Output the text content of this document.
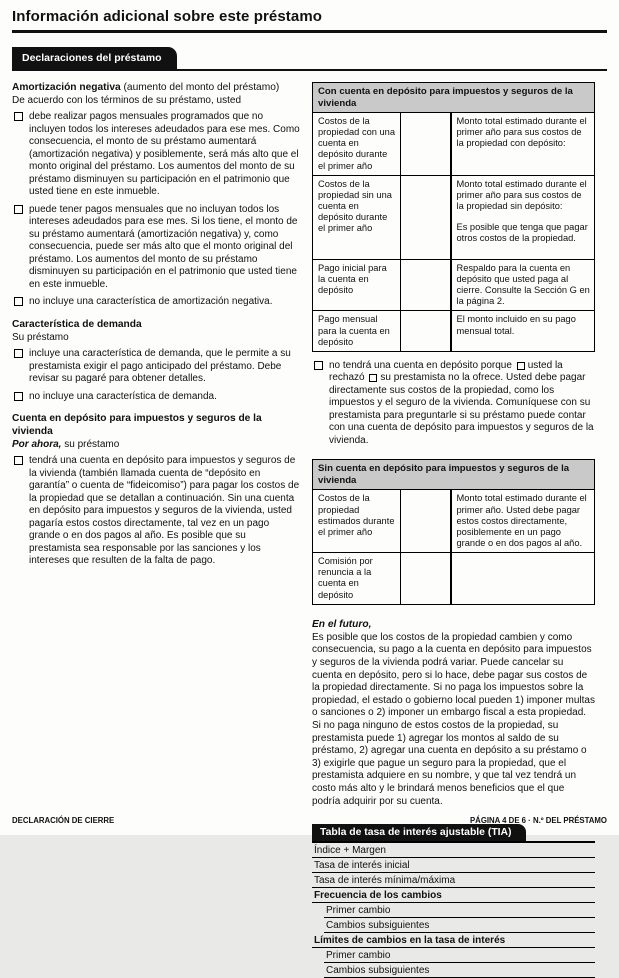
Información adicional sobre este préstamo
Declaraciones del préstamo
Amortización negativa (aumento del monto del préstamo)
De acuerdo con los términos de su préstamo, usted
debe realizar pagos mensuales programados que no incluyen todos los intereses adeudados para ese mes. Como consecuencia, el monto de su préstamo aumentará (amortización negativa) y posiblemente, será más alto que el monto original del préstamo. Los aumentos del monto de su préstamo disminuyen su participación en el patrimonio que usted tiene en este inmueble.
puede tener pagos mensuales que no incluyan todos los intereses adeudados para ese mes. Si los tiene, el monto de su préstamo aumentará (amortización negativa) y, como consecuencia, puede ser más alto que el monto original del préstamo. Los aumentos del monto de su préstamo disminuyen su participación en el patrimonio que usted tiene en este inmueble.
no incluye una característica de amortización negativa.
Característica de demanda
Su préstamo
incluye una característica de demanda, que le permite a su prestamista exigir el pago anticipado del préstamo. Debe revisar su pagaré para obtener detalles.
no incluye una característica de demanda.
Cuenta en depósito para impuestos y seguros de la vivienda
Por ahora, su préstamo
tendrá una cuenta en depósito para impuestos y seguros de la vivienda (también llamada cuenta de “depósito en garantía” o cuenta de “fideicomiso”) para pagar los costos de la propiedad que se detallan a continuación. Sin una cuenta en depósito para impuestos y seguros de la vivienda, usted pagaría estos costos directamente, tal vez en un pago grande o en dos pagos al año. Es posible que su prestamista sea responsable por las sanciones y los intereses que resulten de la falta de pago.
Con cuenta en depósito para impuestos y seguros de la vivienda		
Costos de la propiedad con una cuenta en depósito durante el primer año		Monto total estimado durante el primer año para sus costos de la propiedad con depósito:
Costos de la propiedad sin una cuenta en depósito durante el primer año		Monto total estimado durante el primer año para sus costos de la propiedad sin depósito:
Es posible que tenga que pagar otros costos de la propiedad.

Pago inicial para la cuenta en depósito		Respaldo para la cuenta en depósito que usted paga al cierre. Consulte la Sección G en la página 2.
Pago mensual para la cuenta en depósito		El monto incluido en su pago mensual total.
no tendrá una cuenta en depósito porque usted la rechazó su prestamista no la ofrece. Usted debe pagar directamente sus costos de la propiedad, como los impuestos y el seguro de la vivienda. Comuníquese con su prestamista para preguntarle si su préstamo puede contar con una cuenta de depósito para impuestos y seguros de la vivienda.
Sin cuenta en depósito para impuestos y seguros de la vivienda		
Costos de la propiedad estimados durante el primer año		Monto total estimado durante el primer año. Usted debe pagar estos costos directamente, posiblemente en un pago grande o en dos pagos al año.
Comisión por renuncia a la cuenta en depósito		
En el futuro,
Es posible que los costos de la propiedad cambien y como consecuencia, su pago a la cuenta en depósito para impuestos y seguros de la vivienda podrá variar. Puede cancelar su cuenta en depósito, pero si lo hace, debe pagar sus costos de la propiedad directamente. Si no paga los impuestos sobre la propiedad, el estado o gobierno local pueden 1) imponer multas o sanciones o 2) imponer un embargo fiscal a esta propiedad. Si no paga ninguno de estos costos de la propiedad, su prestamista puede 1) agregar los montos al saldo de su préstamo, 2) agregar una cuenta en depósito a su préstamo o 3) exigirle que pague un seguro para la propiedad, que el prestamista adquiere en su nombre, y que tal vez tendrá un costo más alto y le brindará menos beneficios que el que podría adquirir por su cuenta.
Tabla de tasa de interés ajustable (TIA)
Índice + Margen
Tasa de interés inicial
Tasa de interés mínima/máxima
Frecuencia de los cambios
Primer cambio
Cambios subsiguientes
Límites de cambios en la tasa de interés
Primer cambio
Cambios subsiguientes
DECLARACIÓN DE CIERRE	PÁGINA 4 DE 6 · N.º DEL PRÉSTAMO
